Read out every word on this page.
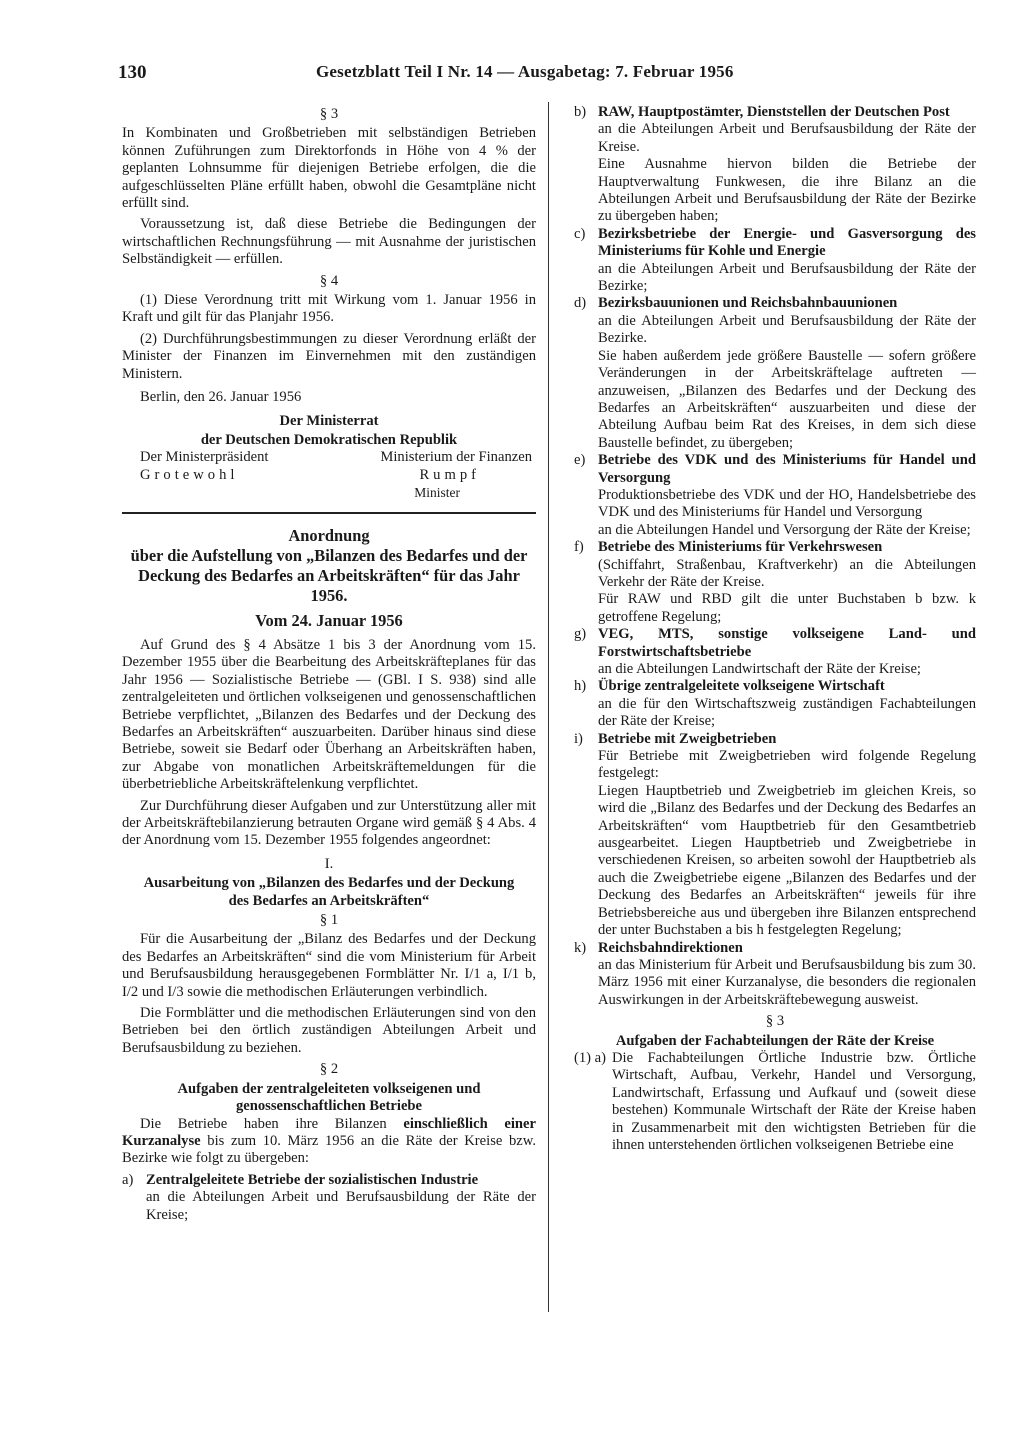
130	Gesetzblatt Teil I Nr. 14 — Ausgabetag: 7. Februar 1956
§ 3

In Kombinaten und Großbetrieben mit selbständigen Betrieben können Zuführungen zum Direktorfonds in Höhe von 4 % der geplanten Lohnsumme für diejenigen Betriebe erfolgen, die die aufgeschlüsselten Pläne erfüllt haben, obwohl die Gesamtpläne nicht erfüllt sind.

Voraussetzung ist, daß diese Betriebe die Bedingungen der wirtschaftlichen Rechnungsführung — mit Ausnahme der juristischen Selbständigkeit — erfüllen.

§ 4

(1) Diese Verordnung tritt mit Wirkung vom 1. Januar 1956 in Kraft und gilt für das Planjahr 1956.

(2) Durchführungsbestimmungen zu dieser Verordnung erläßt der Minister der Finanzen im Einvernehmen mit den zuständigen Ministern.

Berlin, den 26. Januar 1956

Der Ministerrat
der Deutschen Demokratischen Republik
Der Ministerpräsident	Ministerium der Finanzen
Grotewohl	Rumpf
Minister
Anordnung
über die Aufstellung von „Bilanzen des Bedarfes und der Deckung des Bedarfes an Arbeitskräften“ für das Jahr 1956.
Vom 24. Januar 1956

Auf Grund des § 4 Absätze 1 bis 3 der Anordnung vom 15. Dezember 1955 über die Bearbeitung des Arbeitskräfteplanes für das Jahr 1956 — Sozialistische Betriebe — (GBl. I S. 938) sind alle zentralgeleiteten und örtlichen volkseigenen und genossenschaftlichen Betriebe verpflichtet, „Bilanzen des Bedarfes und der Deckung des Bedarfes an Arbeitskräften“ auszuarbeiten. Darüber hinaus sind diese Betriebe, soweit sie Bedarf oder Überhang an Arbeitskräften haben, zur Abgabe von monatlichen Arbeitskräftemeldungen für die überbetriebliche Arbeitskräftelenkung verpflichtet.

Zur Durchführung dieser Aufgaben und zur Unterstützung aller mit der Arbeitskräftebilanzierung betrauten Organe wird gemäß § 4 Abs. 4 der Anordnung vom 15. Dezember 1955 folgendes angeordnet:

I.
Ausarbeitung von „Bilanzen des Bedarfes und der Deckung des Bedarfes an Arbeitskräften“
§ 1

Für die Ausarbeitung der „Bilanz des Bedarfes und der Deckung des Bedarfes an Arbeitskräften“ sind die vom Ministerium für Arbeit und Berufsausbildung herausgegebenen Formblätter Nr. I/1 a, I/1 b, I/2 und I/3 sowie die methodischen Erläuterungen verbindlich.

Die Formblätter und die methodischen Erläuterungen sind von den Betrieben bei den örtlich zuständigen Abteilungen Arbeit und Berufsausbildung zu beziehen.

§ 2
Aufgaben der zentralgeleiteten volkseigenen und genossenschaftlichen Betriebe

Die Betriebe haben ihre Bilanzen einschließlich einer Kurzanalyse bis zum 10. März 1956 an die Räte der Kreise bzw. Bezirke wie folgt zu übergeben:

a) Zentralgeleitete Betriebe der sozialistischen Industrie
an die Abteilungen Arbeit und Berufsausbildung der Räte der Kreise;
b) RAW, Hauptpostämter, Dienststellen der Deutschen Post
an die Abteilungen Arbeit und Berufsausbildung der Räte der Kreise.
Eine Ausnahme hiervon bilden die Betriebe der Hauptverwaltung Funkwesen, die ihre Bilanz an die Abteilungen Arbeit und Berufsausbildung der Räte der Bezirke zu übergeben haben;
c) Bezirksbetriebe der Energie- und Gasversorgung des Ministeriums für Kohle und Energie
an die Abteilungen Arbeit und Berufsausbildung der Räte der Bezirke;
d) Bezirksbauunionen und Reichsbahnbauunionen
an die Abteilungen Arbeit und Berufsausbildung der Räte der Bezirke.
Sie haben außerdem jede größere Baustelle — sofern größere Veränderungen in der Arbeitskräftelage auftreten — anzuweisen, „Bilanzen des Bedarfes und der Deckung des Bedarfes an Arbeitskräften“ auszuarbeiten und diese der Abteilung Aufbau beim Rat des Kreises, in dem sich diese Baustelle befindet, zu übergeben;
e) Betriebe des VDK und des Ministeriums für Handel und Versorgung
Produktionsbetriebe des VDK und der HO, Handelsbetriebe des VDK und des Ministeriums für Handel und Versorgung
an die Abteilungen Handel und Versorgung der Räte der Kreise;
f) Betriebe des Ministeriums für Verkehrswesen
(Schiffahrt, Straßenbau, Kraftverkehr) an die Abteilungen Verkehr der Räte der Kreise.
Für RAW und RBD gilt die unter Buchstaben b bzw. k getroffene Regelung;
g) VEG, MTS, sonstige volkseigene Land- und Forstwirtschaftsbetriebe
an die Abteilungen Landwirtschaft der Räte der Kreise;
h) Übrige zentralgeleitete volkseigene Wirtschaft
an die für den Wirtschaftszweig zuständigen Fachabteilungen der Räte der Kreise;
i)	Betriebe mit Zweigbetrieben
Für Betriebe mit Zweigbetrieben wird folgende Regelung festgelegt:
Liegen Hauptbetrieb und Zweigbetrieb im gleichen Kreis, so wird die „Bilanz des Bedarfes und der Deckung des Bedarfes an Arbeitskräften“ vom Hauptbetrieb für den Gesamtbetrieb ausgearbeitet. Liegen Hauptbetrieb und Zweigbetriebe in verschiedenen Kreisen, so arbeiten sowohl der Hauptbetrieb als auch die Zweigbetriebe eigene „Bilanzen des Bedarfes und der Deckung des Bedarfes an Arbeitskräften“ jeweils für ihre Betriebsbereiche aus und übergeben ihre Bilanzen entsprechend der unter Buchstaben a bis h festgelegten Regelung;
k) Reichsbahndirektionen
an das Ministerium für Arbeit und Berufsausbildung bis zum 30. März 1956 mit einer Kurzanalyse, die besonders die regionalen Auswirkungen in der Arbeitskräftebewegung ausweist.
§ 3
Aufgaben der Fachabteilungen der Räte der Kreise
(1) a) Die Fachabteilungen Örtliche Industrie bzw. Örtliche Wirtschaft, Aufbau, Verkehr, Handel und Versorgung, Landwirtschaft, Erfassung und Aufkauf und (soweit diese bestehen) Kommunale Wirtschaft der Räte der Kreise haben in Zusammenarbeit mit den wichtigsten Betrieben für die ihnen unterstehenden örtlichen volkseigenen Betriebe eine
